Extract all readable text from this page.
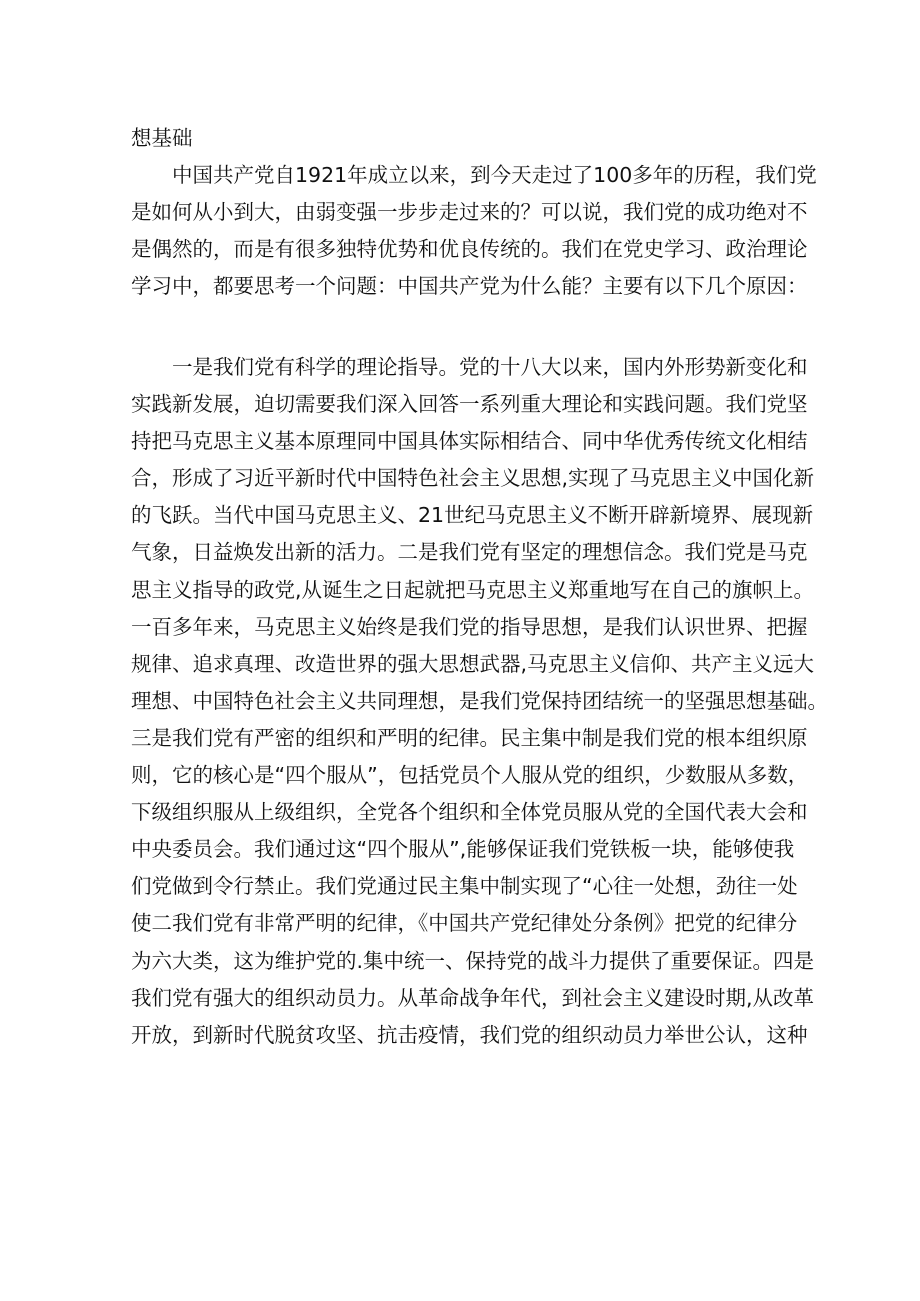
想基础
中国共产党自1921年成立以来，到今天走过了100多年的历程，我们党
是如何从小到大，由弱变强一步步走过来的？可以说，我们党的成功绝对不
是偶然的，而是有很多独特优势和优良传统的。我们在党史学习、政治理论
学习中，都要思考一个问题：中国共产党为什么能？主要有以下几个原因：
一是我们党有科学的理论指导。党的十八大以来，国内外形势新变化和
实践新发展，迫切需要我们深入回答一系列重大理论和实践问题。我们党坚
持把马克思主义基本原理同中国具体实际相结合、同中华优秀传统文化相结
合，形成了习近平新时代中国特色社会主义思想,实现了马克思主义中国化新
的飞跃。当代中国马克思主义、21世纪马克思主义不断开辟新境界、展现新
气象，日益焕发出新的活力。二是我们党有坚定的理想信念。我们党是马克
思主义指导的政党,从诞生之日起就把马克思主义郑重地写在自己的旗帜上。
一百多年来，马克思主义始终是我们党的指导思想，是我们认识世界、把握
规律、追求真理、改造世界的强大思想武器,马克思主义信仰、共产主义远大
理想、中国特色社会主义共同理想，是我们党保持团结统一的坚强思想基础。
三是我们党有严密的组织和严明的纪律。民主集中制是我们党的根本组织原
则，它的核心是“四个服从”，包括党员个人服从党的组织，少数服从多数，
下级组织服从上级组织，全党各个组织和全体党员服从党的全国代表大会和
中央委员会。我们通过这“四个服从”,能够保证我们党铁板一块，能够使我
们党做到令行禁止。我们党通过民主集中制实现了“心往一处想，劲往一处
使二我们党有非常严明的纪律，《中国共产党纪律处分条例》把党的纪律分
为六大类，这为维护党的.集中统一、保持党的战斗力提供了重要保证。四是
我们党有强大的组织动员力。从革命战争年代，到社会主义建设时期,从改革
开放，到新时代脱贫攻坚、抗击疫情，我们党的组织动员力举世公认，这种
